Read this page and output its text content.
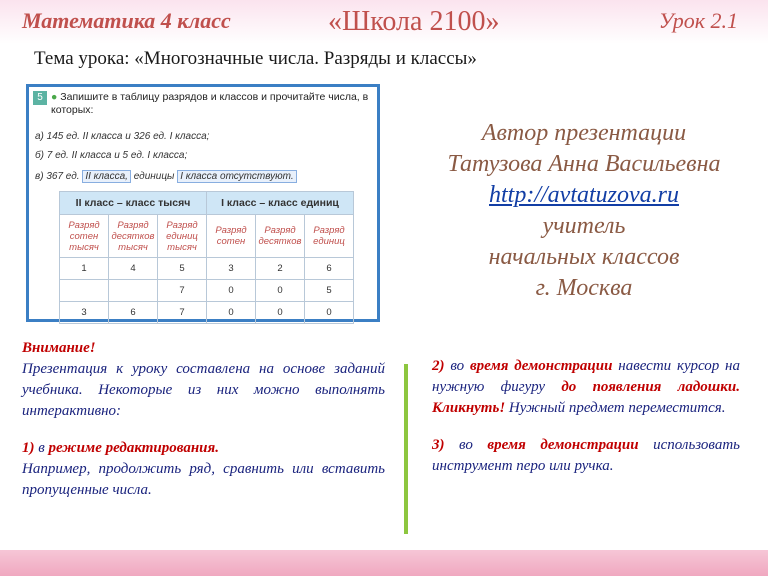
Математика 4 класс	«Школа 2100»	Урок 2.1
Тема урока: «Многозначные числа. Разряды и классы»
5 ● Запишите в таблицу разрядов и классов и прочитайте числа, в которых:
а) 145 ед. II класса и 326 ед. I класса;
б) 7 ед. II класса и 5 ед. I класса;
в) 367 ед. II класса, единицы I класса отсутствуют.
II класс – класс тысяч			I класс – класс единиц		
Разряд сотен тысяч	Разряд десятков тысяч	Разряд единиц тысяч	Разряд сотен	Разряд десятков	Разряд единиц
1	4	5	3	2	6
		7	0	0	5
3	6	7	0	0	0
Автор презентации
Татузова Анна Васильевна
http://avtatuzova.ru
учитель
начальных классов
г. Москва
Внимание!
Презентация к уроку составлена на основе заданий учебника. Некоторые из них можно выполнять интерактивно:
1) в режиме редактирования.
Например, продолжить ряд, сравнить или вставить пропущенные числа.
2) во время демонстрации навести курсор на нужную фигуру до появления ладошки. Кликнуть! Нужный предмет переместится.
3) во время демонстрации использовать инструмент перо или ручка.
